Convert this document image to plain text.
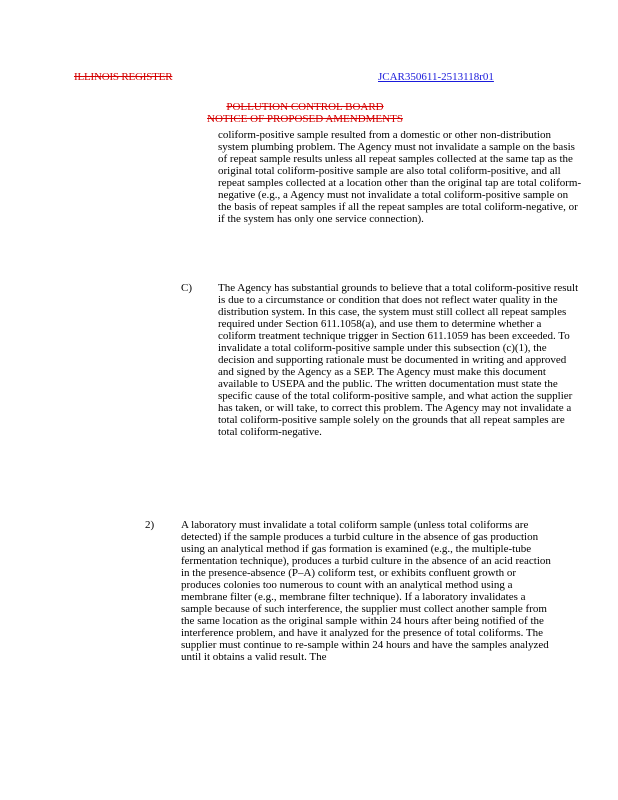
ILLINOIS REGISTER	JCAR350611-2513118r01
POLLUTION CONTROL BOARD
NOTICE OF PROPOSED AMENDMENTS

coliform-positive sample resulted from a domestic or other non-distribution system plumbing problem. The Agency must not invalidate a sample on the basis of repeat sample results unless all repeat samples collected at the same tap as the original total coliform-positive sample are also total coliform-positive, and all repeat samples collected at a location other than the original tap are total coliform-negative (e.g., a Agency must not invalidate a total coliform-positive sample on the basis of repeat samples if all the repeat samples are total coliform-negative, or if the system has only one service connection).

C) The Agency has substantial grounds to believe that a total coliform-positive result is due to a circumstance or condition that does not reflect water quality in the distribution system. In this case, the system must still collect all repeat samples required under Section 611.1058(a), and use them to determine whether a coliform treatment technique trigger in Section 611.1059 has been exceeded. To invalidate a total coliform-positive sample under this subsection (c)(1), the decision and supporting rationale must be documented in writing and approved and signed by the Agency as a SEP. The Agency must make this document available to USEPA and the public. The written documentation must state the specific cause of the total coliform-positive sample, and what action the supplier has taken, or will take, to correct this problem. The Agency may not invalidate a total coliform-positive sample solely on the grounds that all repeat samples are total coliform-negative.

2) A laboratory must invalidate a total coliform sample (unless total coliforms are detected) if the sample produces a turbid culture in the absence of gas production using an analytical method if gas formation is examined (e.g., the multiple-tube fermentation technique), produces a turbid culture in the absence of an acid reaction in the presence-absence (P–A) coliform test, or exhibits confluent growth or produces colonies too numerous to count with an analytical method using a membrane filter (e.g., membrane filter technique). If a laboratory invalidates a sample because of such interference, the supplier must collect another sample from the same location as the original sample within 24 hours after being notified of the interference problem, and have it analyzed for the presence of total coliforms. The supplier must continue to re-sample within 24 hours and have the samples analyzed until it obtains a valid result. The
